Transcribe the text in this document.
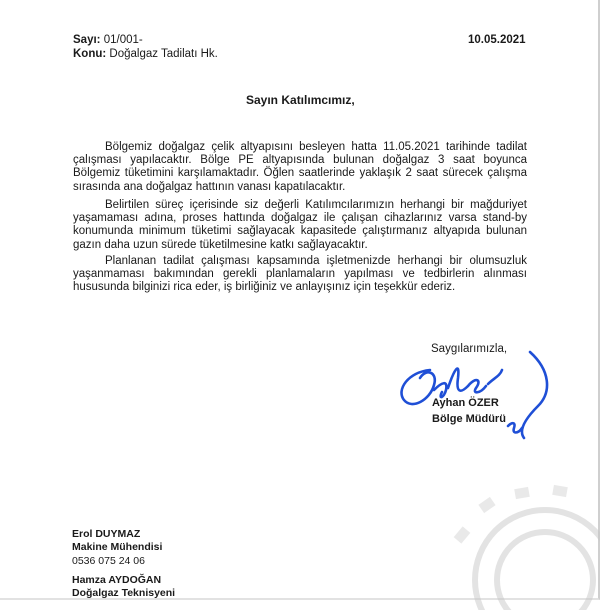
Sayı: 01/001-
Konu: Doğalgaz Tadilatı Hk.
10.05.2021
Sayın Katılımcımız,

Bölgemiz doğalgaz çelik altyapısını besleyen hatta 11.05.2021 tarihinde tadilat çalışması yapılacaktır. Bölge PE altyapısında bulunan doğalgaz 3 saat boyunca Bölgemiz tüketimini karşılamaktadır. Öğlen saatlerinde yaklaşık 2 saat sürecek çalışma sırasında ana doğalgaz hattının vanası kapatılacaktır.

Belirtilen süreç içerisinde siz değerli Katılımcılarımızın herhangi bir mağduriyet yaşamaması adına, proses hattında doğalgaz ile çalışan cihazlarınız varsa stand-by konumunda minimum tüketimi sağlayacak kapasitede çalıştırmanız altyapıda bulunan gazın daha uzun sürede tüketilmesine katkı sağlayacaktır.

Planlanan tadilat çalışması kapsamında işletmenizde herhangi bir olumsuzluk yaşanmaması bakımından gerekli planlamaların yapılması ve tedbirlerin alınması hususunda bilginizi rica eder, iş birliğiniz ve anlayışınız için teşekkür ederiz.

Saygılarımızla,
Ayhan ÖZER
Bölge Müdürü
Erol DUYMAZ
Makine Mühendisi
0536 075 24 06
Hamza AYDOĞAN
Doğalgaz Teknisyeni
